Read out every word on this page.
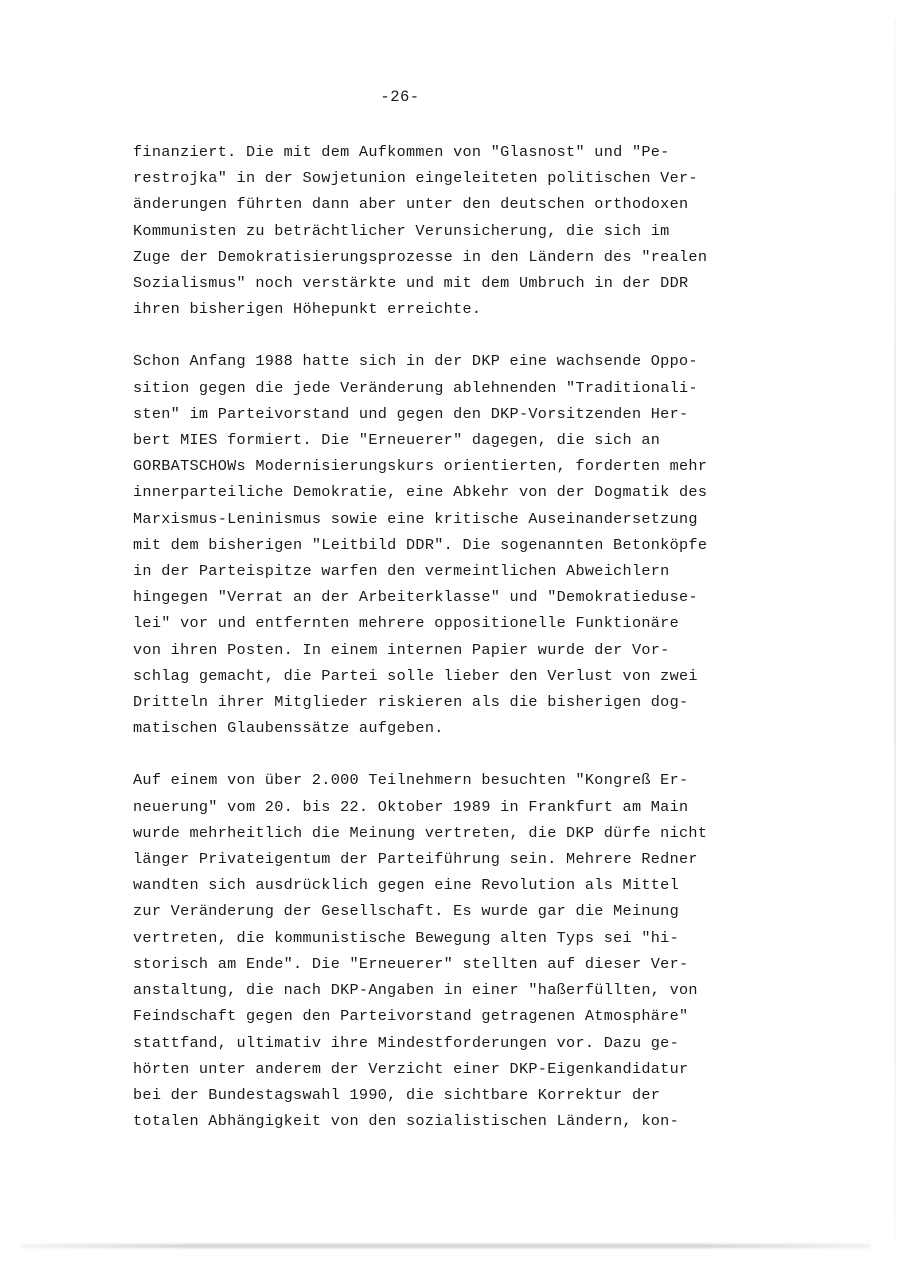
-26-
finanziert. Die mit dem Aufkommen von "Glasnost" und "Pe-
restrojka" in der Sowjetunion eingeleiteten politischen Ver-
änderungen führten dann aber unter den deutschen orthodoxen
Kommunisten zu beträchtlicher Verunsicherung, die sich im
Zuge der Demokratisierungsprozesse in den Ländern des "realen
Sozialismus" noch verstärkte und mit dem Umbruch in der DDR
ihren bisherigen Höhepunkt erreichte.
Schon Anfang 1988 hatte sich in der DKP eine wachsende Oppo-
sition gegen die jede Veränderung ablehnenden "Traditionali-
sten" im Parteivorstand und gegen den DKP-Vorsitzenden Her-
bert MIES formiert. Die "Erneuerer" dagegen, die sich an
GORBATSCHOWs Modernisierungskurs orientierten, forderten mehr
innerparteiliche Demokratie, eine Abkehr von der Dogmatik des
Marxismus-Leninismus sowie eine kritische Auseinandersetzung
mit dem bisherigen "Leitbild DDR". Die sogenannten Betonköpfe
in der Parteispitze warfen den vermeintlichen Abweichlern
hingegen "Verrat an der Arbeiterklasse" und "Demokratieduse-
lei" vor und entfernten mehrere oppositionelle Funktionäre
von ihren Posten. In einem internen Papier wurde der Vor-
schlag gemacht, die Partei solle lieber den Verlust von zwei
Dritteln ihrer Mitglieder riskieren als die bisherigen dog-
matischen Glaubenssätze aufgeben.
Auf einem von über 2.000 Teilnehmern besuchten "Kongreß Er-
neuerung" vom 20. bis 22. Oktober 1989 in Frankfurt am Main
wurde mehrheitlich die Meinung vertreten, die DKP dürfe nicht
länger Privateigentum der Parteiführung sein. Mehrere Redner
wandten sich ausdrücklich gegen eine Revolution als Mittel
zur Veränderung der Gesellschaft. Es wurde gar die Meinung
vertreten, die kommunistische Bewegung alten Typs sei "hi-
storisch am Ende". Die "Erneuerer" stellten auf dieser Ver-
anstaltung, die nach DKP-Angaben in einer "haßerfüllten, von
Feindschaft gegen den Parteivorstand getragenen Atmosphäre"
stattfand, ultimativ ihre Mindestforderungen vor. Dazu ge-
hörten unter anderem der Verzicht einer DKP-Eigenkandidatur
bei der Bundestagswahl 1990, die sichtbare Korrektur der
totalen Abhängigkeit von den sozialistischen Ländern, kon-
